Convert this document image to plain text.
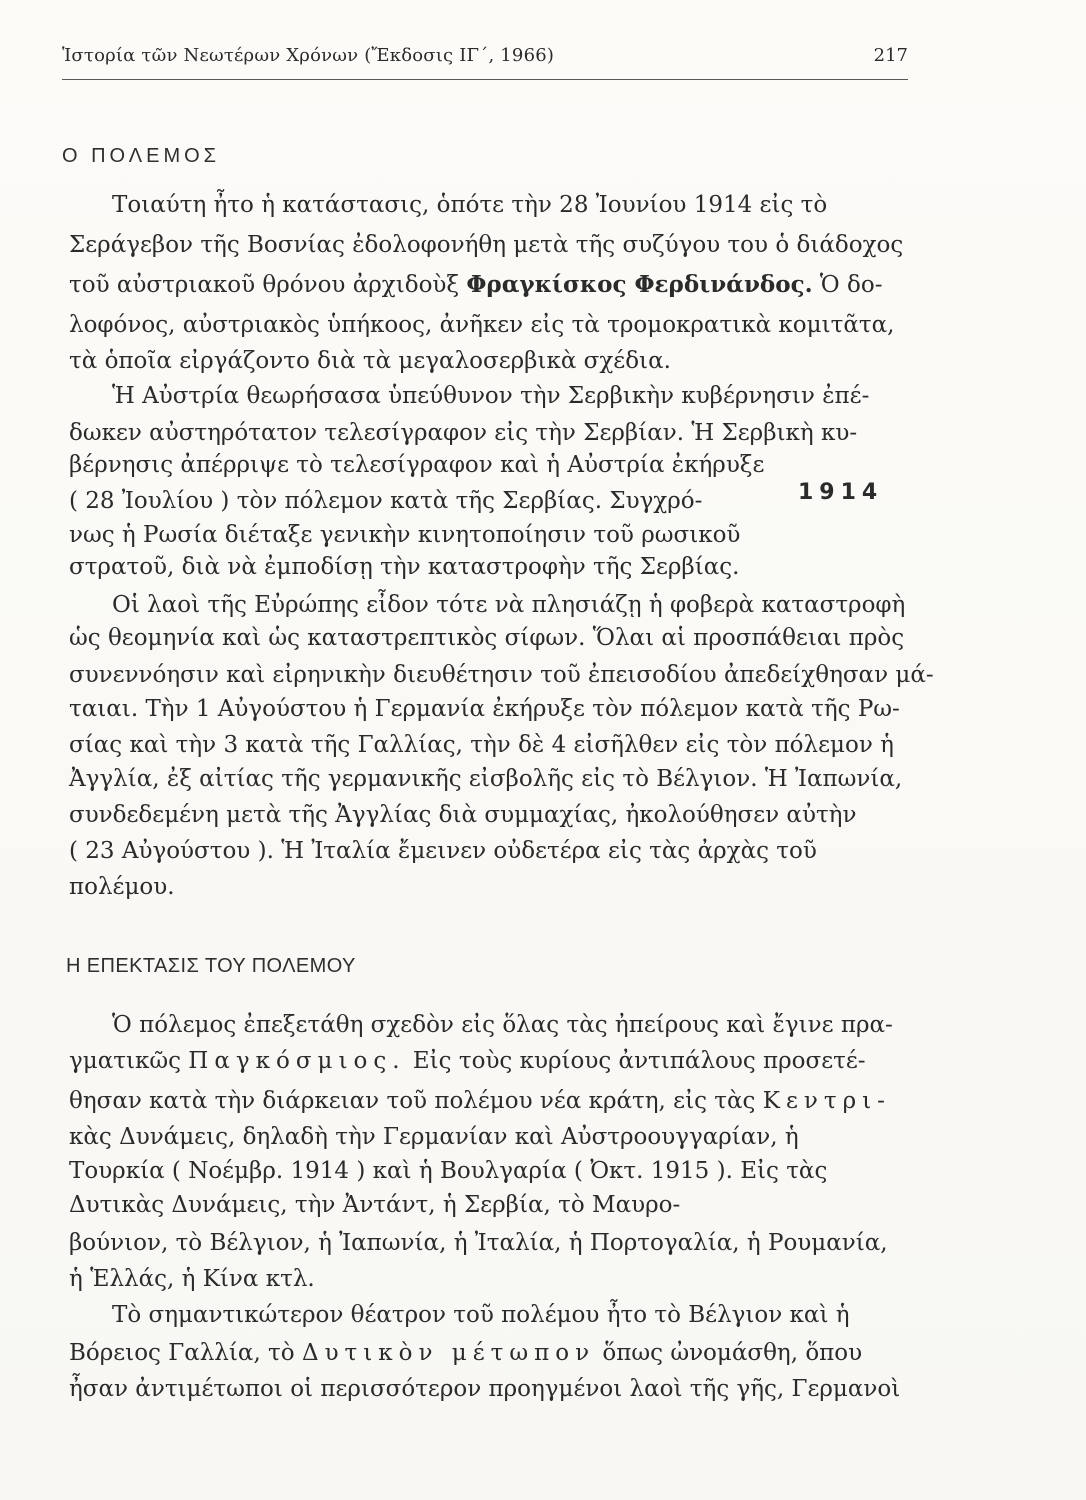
Ἱστορία τῶν Νεωτέρων Χρόνων (Ἔκδοσις ΙΓ΄, 1966)	217
Ο ΠΟΛΕΜΟΣ
Τοιαύτη ἦτο ἡ κατάστασις, ὁπότε τὴν 28 Ἰουνίου 1914 εἰς τὸ
Σεράγεβον τῆς Βοσνίας ἐδολοφονήθη μετὰ τῆς συζύγου του ὁ διάδοχος
τοῦ αὐστριακοῦ θρόνου ἀρχιδοὺξ Φραγκίσκος Φερδινάνδος. Ὁ δο-
λοφόνος, αὐστριακὸς ὑπήκοος, ἀνῆκεν εἰς τὰ τρομοκρατικὰ κομιτᾶτα,
τὰ ὁποῖα εἰργάζοντο διὰ τὰ μεγαλοσερβικὰ σχέδια.
Ἡ Αὐστρία θεωρήσασα ὑπεύθυνον τὴν Σερβικὴν κυβέρνησιν ἐπέ-
δωκεν αὐστηρότατον τελεσίγραφον εἰς τὴν Σερβίαν. Ἡ Σερβικὴ κυ-
βέρνησις ἀπέρριψε τὸ τελεσίγραφον καὶ ἡ Αὐστρία ἐκήρυξε
( 28 Ἰουλίου ) τὸν πόλεμον κατὰ τῆς Σερβίας. Συγχρό-
νως ἡ Ρωσία διέταξε γενικὴν κινητοποίησιν τοῦ ρωσικοῦ
στρατοῦ, διὰ νὰ ἐμποδίσῃ τὴν καταστροφὴν τῆς Σερβίας.
1914
Οἱ λαοὶ τῆς Εὐρώπης εἶδον τότε νὰ πλησιάζῃ ἡ φοβερὰ καταστροφὴ
ὡς θεομηνία καὶ ὡς καταστρεπτικὸς σίφων. Ὅλαι αἱ προσπάθειαι πρὸς
συνεννόησιν καὶ εἰρηνικὴν διευθέτησιν τοῦ ἐπεισοδίου ἀπεδείχθησαν μά-
ταιαι. Τὴν 1 Αὐγούστου ἡ Γερμανία ἐκήρυξε τὸν πόλεμον κατὰ τῆς Ρω-
σίας καὶ τὴν 3 κατὰ τῆς Γαλλίας, τὴν δὲ 4 εἰσῆλθεν εἰς τὸν πόλεμον ἡ
Ἀγγλία, ἐξ αἰτίας τῆς γερμανικῆς εἰσβολῆς εἰς τὸ Βέλγιον. Ἡ Ἰαπωνία,
συνδεδεμένη μετὰ τῆς Ἀγγλίας διὰ συμμαχίας, ἠκολούθησεν αὐτὴν
( 23 Αὐγούστου ). Ἡ Ἰταλία ἔμεινεν οὐδετέρα εἰς τὰς ἀρχὰς τοῦ
πολέμου.
Η ΕΠΕΚΤΑΣΙΣ ΤΟΥ ΠΟΛΕΜΟΥ
Ὁ πόλεμος ἐπεξετάθη σχεδὸν εἰς ὅλας τὰς ἠπείρους καὶ ἔγινε πρα-
γματικῶς Παγκόσμιος. Εἰς τοὺς κυρίους ἀντιπάλους προσετέ-
θησαν κατὰ τὴν διάρκειαν τοῦ πολέμου νέα κράτη, εἰς τὰς Κεντρι-
κὰς Δυνάμεις, δηλαδὴ τὴν Γερμανίαν καὶ Αὐστροουγγαρίαν, ἡ
Τουρκία ( Νοέμβρ. 1914 ) καὶ ἡ Βουλγαρία ( Ὀκτ. 1915 ). Εἰς τὰς
Δυτικὰς Δυνάμεις, τὴν Ἀντάντ, ἡ Σερβία, τὸ Μαυρο-
βούνιον, τὸ Βέλγιον, ἡ Ἰαπωνία, ἡ Ἰταλία, ἡ Πορτογαλία, ἡ Ρουμανία,
ἡ Ἑλλάς, ἡ Κίνα κτλ.
Τὸ σημαντικώτερον θέατρον τοῦ πολέμου ἦτο τὸ Βέλγιον καὶ ἡ
Βόρειος Γαλλία, τὸ Δυτικὸν μέτωπον ὅπως ὠνομάσθη, ὅπου
ἦσαν ἀντιμέτωποι οἱ περισσότερον προηγμένοι λαοὶ τῆς γῆς, Γερμανοὶ
